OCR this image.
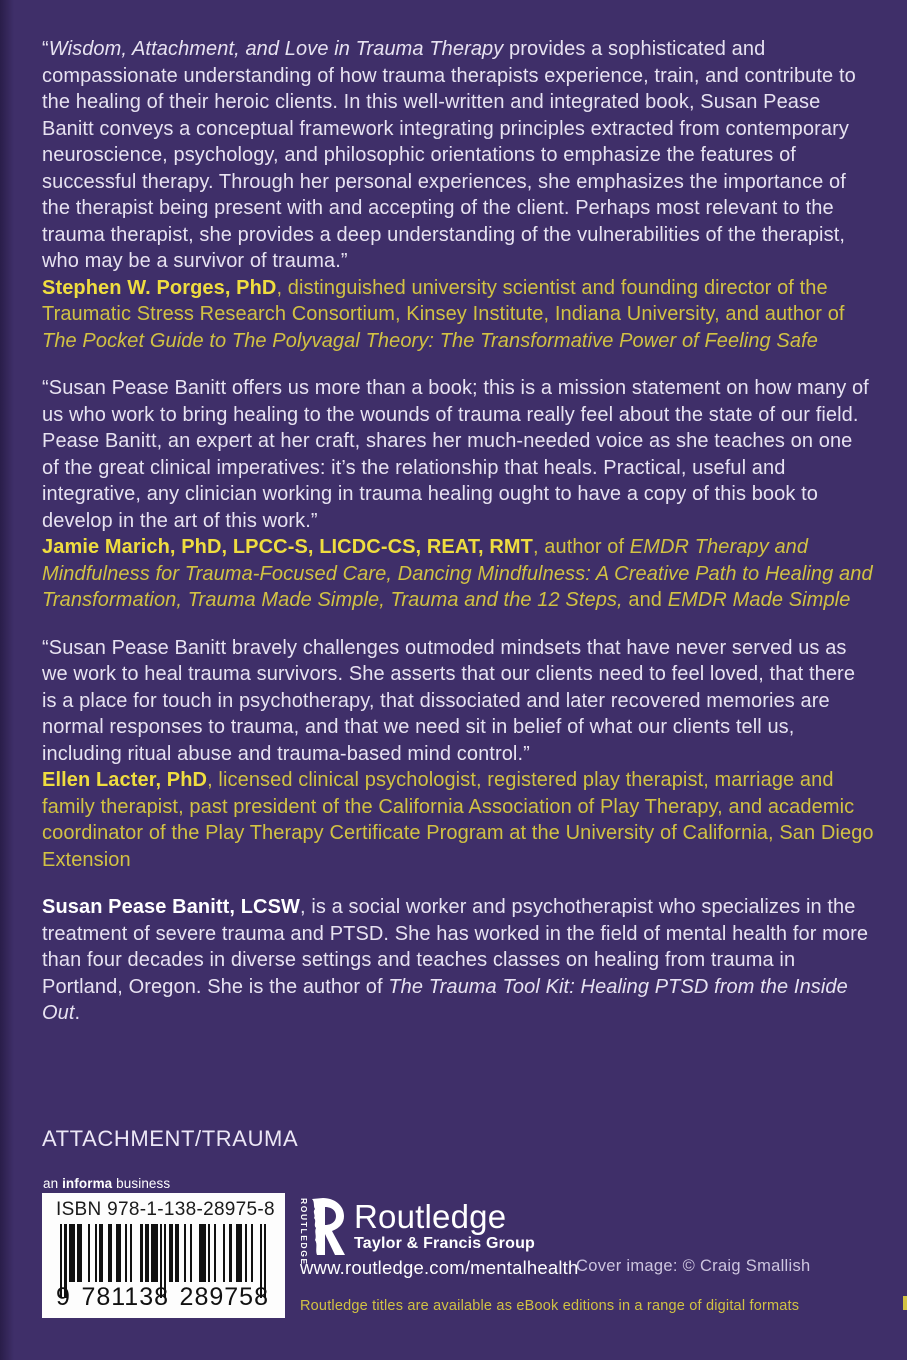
“Wisdom, Attachment, and Love in Trauma Therapy provides a sophisticated and compassionate understanding of how trauma therapists experience, train, and contribute to the healing of their heroic clients. In this well-written and integrated book, Susan Pease Banitt conveys a conceptual framework integrating principles extracted from contemporary neuroscience, psychology, and philosophic orientations to emphasize the features of successful therapy. Through her personal experiences, she emphasizes the importance of the therapist being present with and accepting of the client. Perhaps most relevant to the trauma therapist, she provides a deep understanding of the vulnerabilities of the therapist, who may be a survivor of trauma.”

Stephen W. Porges, PhD, distinguished university scientist and founding director of the Traumatic Stress Research Consortium, Kinsey Institute, Indiana University, and author of The Pocket Guide to The Polyvagal Theory: The Transformative Power of Feeling Safe

“Susan Pease Banitt offers us more than a book; this is a mission statement on how many of us who work to bring healing to the wounds of trauma really feel about the state of our field. Pease Banitt, an expert at her craft, shares her much-needed voice as she teaches on one of the great clinical imperatives: it’s the relationship that heals. Practical, useful and integrative, any clinician working in trauma healing ought to have a copy of this book to develop in the art of this work.”

Jamie Marich, PhD, LPCC-S, LICDC-CS, REAT, RMT, author of EMDR Therapy and Mindfulness for Trauma-Focused Care, Dancing Mindfulness: A Creative Path to Healing and Transformation, Trauma Made Simple, Trauma and the 12 Steps, and EMDR Made Simple

“Susan Pease Banitt bravely challenges outmoded mindsets that have never served us as we work to heal trauma survivors. She asserts that our clients need to feel loved, that there is a place for touch in psychotherapy, that dissociated and later recovered memories are normal responses to trauma, and that we need sit in belief of what our clients tell us, including ritual abuse and trauma-based mind control.”

Ellen Lacter, PhD, licensed clinical psychologist, registered play therapist, marriage and family therapist, past president of the California Association of Play Therapy, and academic coordinator of the Play Therapy Certificate Program at the University of California, San Diego Extension

Susan Pease Banitt, LCSW, is a social worker and psychotherapist who specializes in the treatment of severe trauma and PTSD. She has worked in the field of mental health for more than four decades in diverse settings and teaches classes on healing from trauma in Portland, Oregon. She is the author of The Trauma Tool Kit: Healing PTSD from the Inside Out.

ATTACHMENT/TRAUMA
an informa business
ISBN 978-1-138-28975-8
9 781138 289758
ROUTLEDGE Routledge
Taylor & Francis Group
www.routledge.com/mentalhealth
Cover image: © Craig Smallish
Routledge titles are available as eBook editions in a range of digital formats
